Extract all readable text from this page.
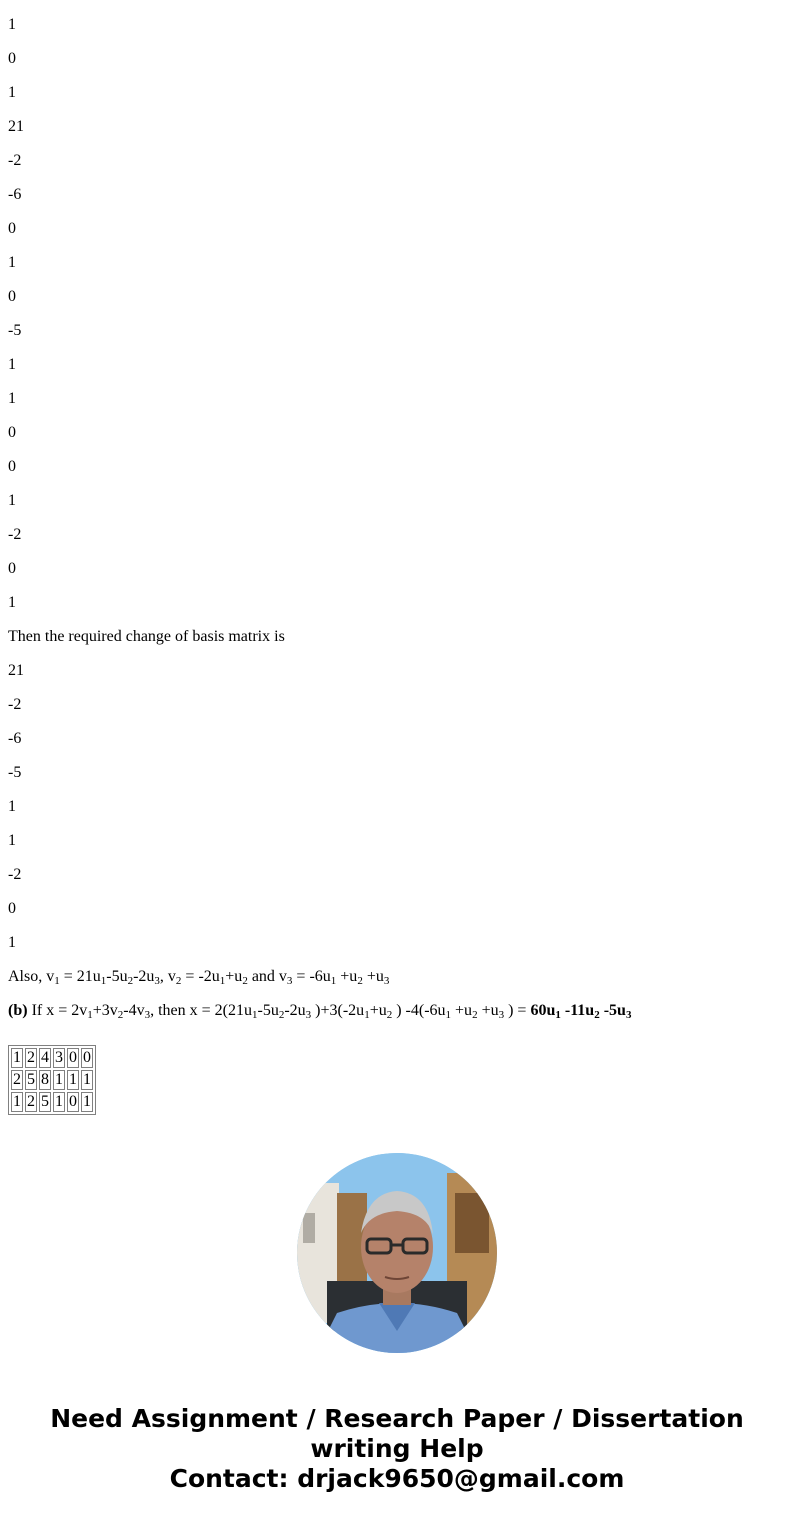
1
0
1
21
-2
-6
0
1
0
-5
1
1
0
0
1
-2
0
1
Then the required change of basis matrix is
21
-2
-6
-5
1
1
-2
0
1
Also, $v_1 = 21u_1-5u_2-2u_3$, $v_2 = -2u_1+u_2$ and $v_3 = -6u_1 +u_2 +u_3$
(b) If $x = 2v_1+3v_2-4v_3$, then $x = 2(21u_1-5u_2-2u_3$ )$+3(-2u_1+u_2$ ) $-4(-6u_1 +u_2 +u_3$ ) = $60u_1$ $-11u_2$ $-5u_3$
1	2	4	3	0	0
2	5	8	1	1	1
1	2	5	1	0	1
Need Assignment / Research Paper / Dissertation
writing Help
Contact: drjack9650@gmail.com
